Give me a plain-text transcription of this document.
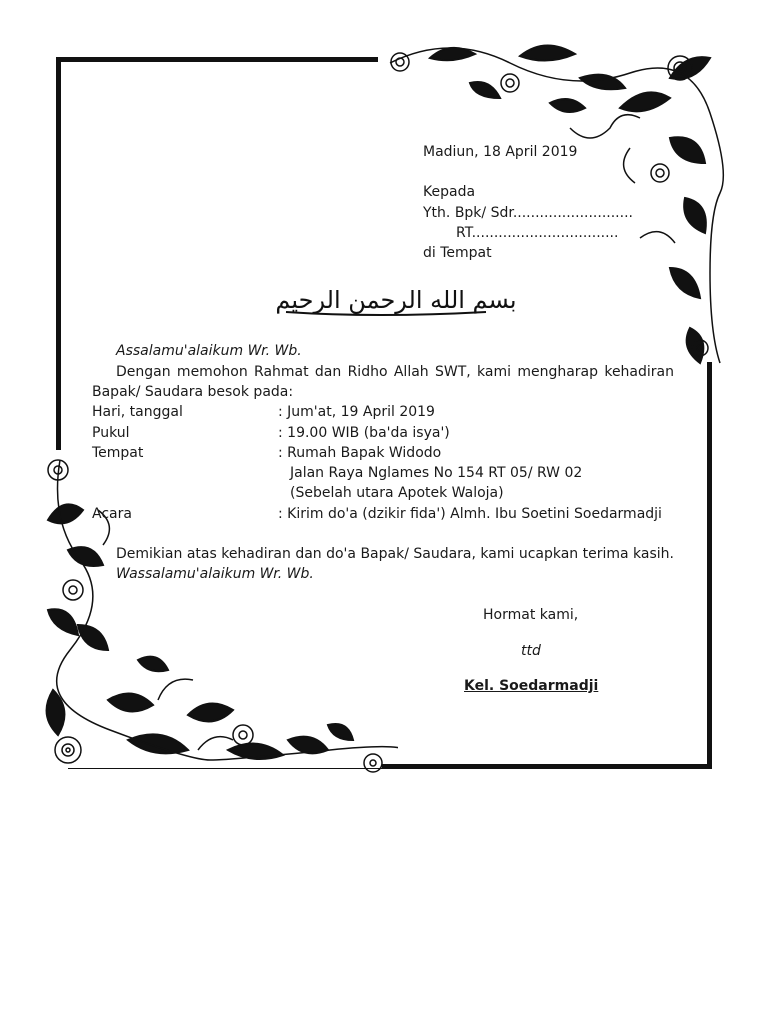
Madiun, 18 April 2019
Kepada
Yth. Bpk/ Sdr...........................
RT.................................
di Tempat
بسم الله الرحمن الرحيم
Assalamu'alaikum Wr. Wb.
Dengan memohon Rahmat dan Ridho Allah SWT, kami mengharap kehadiran Bapak/ Saudara besok pada:
Hari, tanggal	: Jum'at, 19 April 2019
Pukul	: 19.00 WIB (ba'da isya')
Tempat	: Rumah Bapak Widodo
Jalan Raya Nglames No 154 RT 05/ RW 02
(Sebelah utara Apotek Waloja)
Acara	: Kirim do'a (dzikir fida') Almh. Ibu Soetini Soedarmadji
Demikian atas kehadiran dan do'a Bapak/ Saudara, kami ucapkan terima kasih.
Wassalamu'alaikum Wr. Wb.
Hormat kami,
ttd
Kel. Soedarmadji
